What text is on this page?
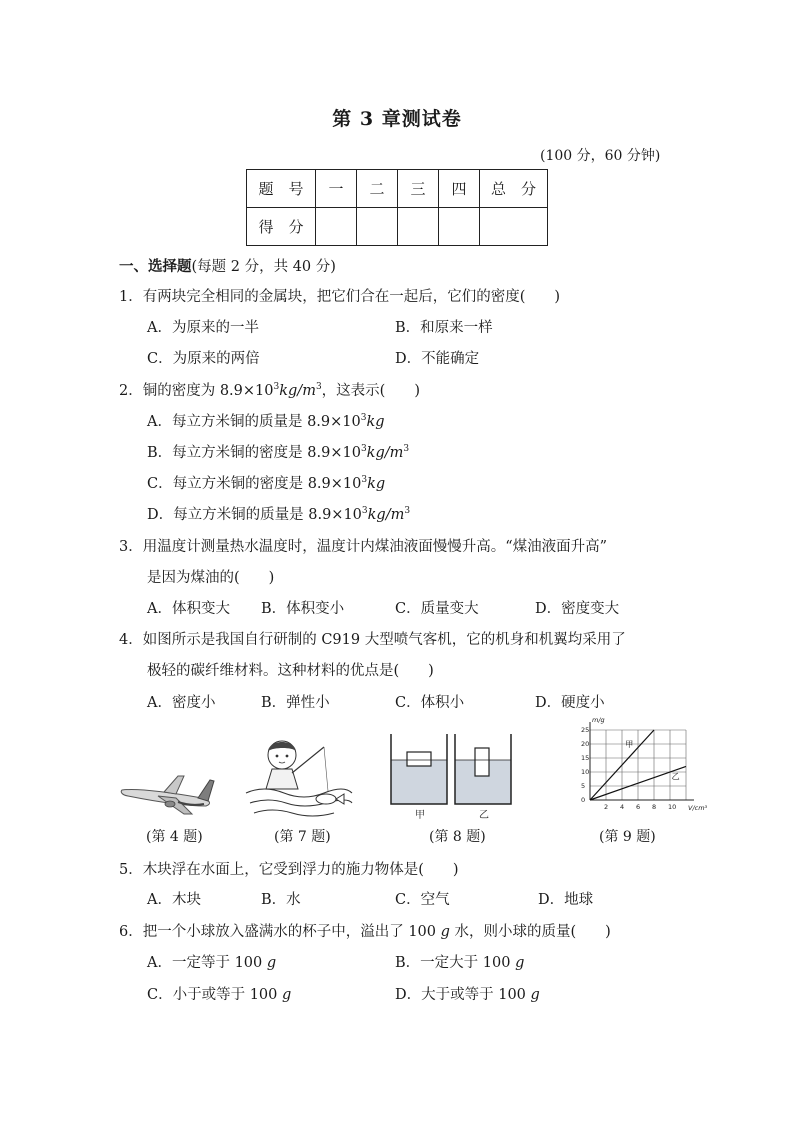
第 3 章测试卷
(100 分，60 分钟)
题　号	一	二	三	四	总　分
得　分					
一、选择题(每题 2 分，共 40 分)
1．有两块完全相同的金属块，把它们合在一起后，它们的密度(　　)
A．为原来的一半	B．和原来一样
C．为原来的两倍	D．不能确定
2．铜的密度为 $8.9\times 10^3kg/m^3$，这表示(　　)
A．每立方米铜的质量是 $8.9\times 10^3kg$
B．每立方米铜的密度是 $8.9\times 10^3kg/m^3$
C．每立方米铜的密度是 $8.9\times 10^3kg$
D．每立方米铜的质量是 $8.9\times 10^3kg/m^3$
3．用温度计测量热水温度时，温度计内煤油液面慢慢升高。“煤油液面升高”
是因为煤油的(　　)
A．体积变大 B．体积变小	C．质量变大	D．密度变大
4．如图所示是我国自行研制的 C919 大型喷气客机，它的机身和机翼均采用了
极轻的碳纤维材料。这种材料的优点是(　　)
A．密度小	B．弹性小	C．体积小	D．硬度小
甲	乙
2 4 6 8 10
0
5
10
15
20
25
m/g
V/cm³
甲
乙
(第 4 题)	(第 7 题)	(第 8 题)	(第 9 题)
5．木块浮在水面上，它受到浮力的施力物体是(　　)
A．木块	B．水	C．空气	D．地球
6．把一个小球放入盛满水的杯子中，溢出了 100 g 水，则小球的质量(　　)
A．一定等于 100 g	B．一定大于 100 g
C．小于或等于 100 g	D．大于或等于 100 g
